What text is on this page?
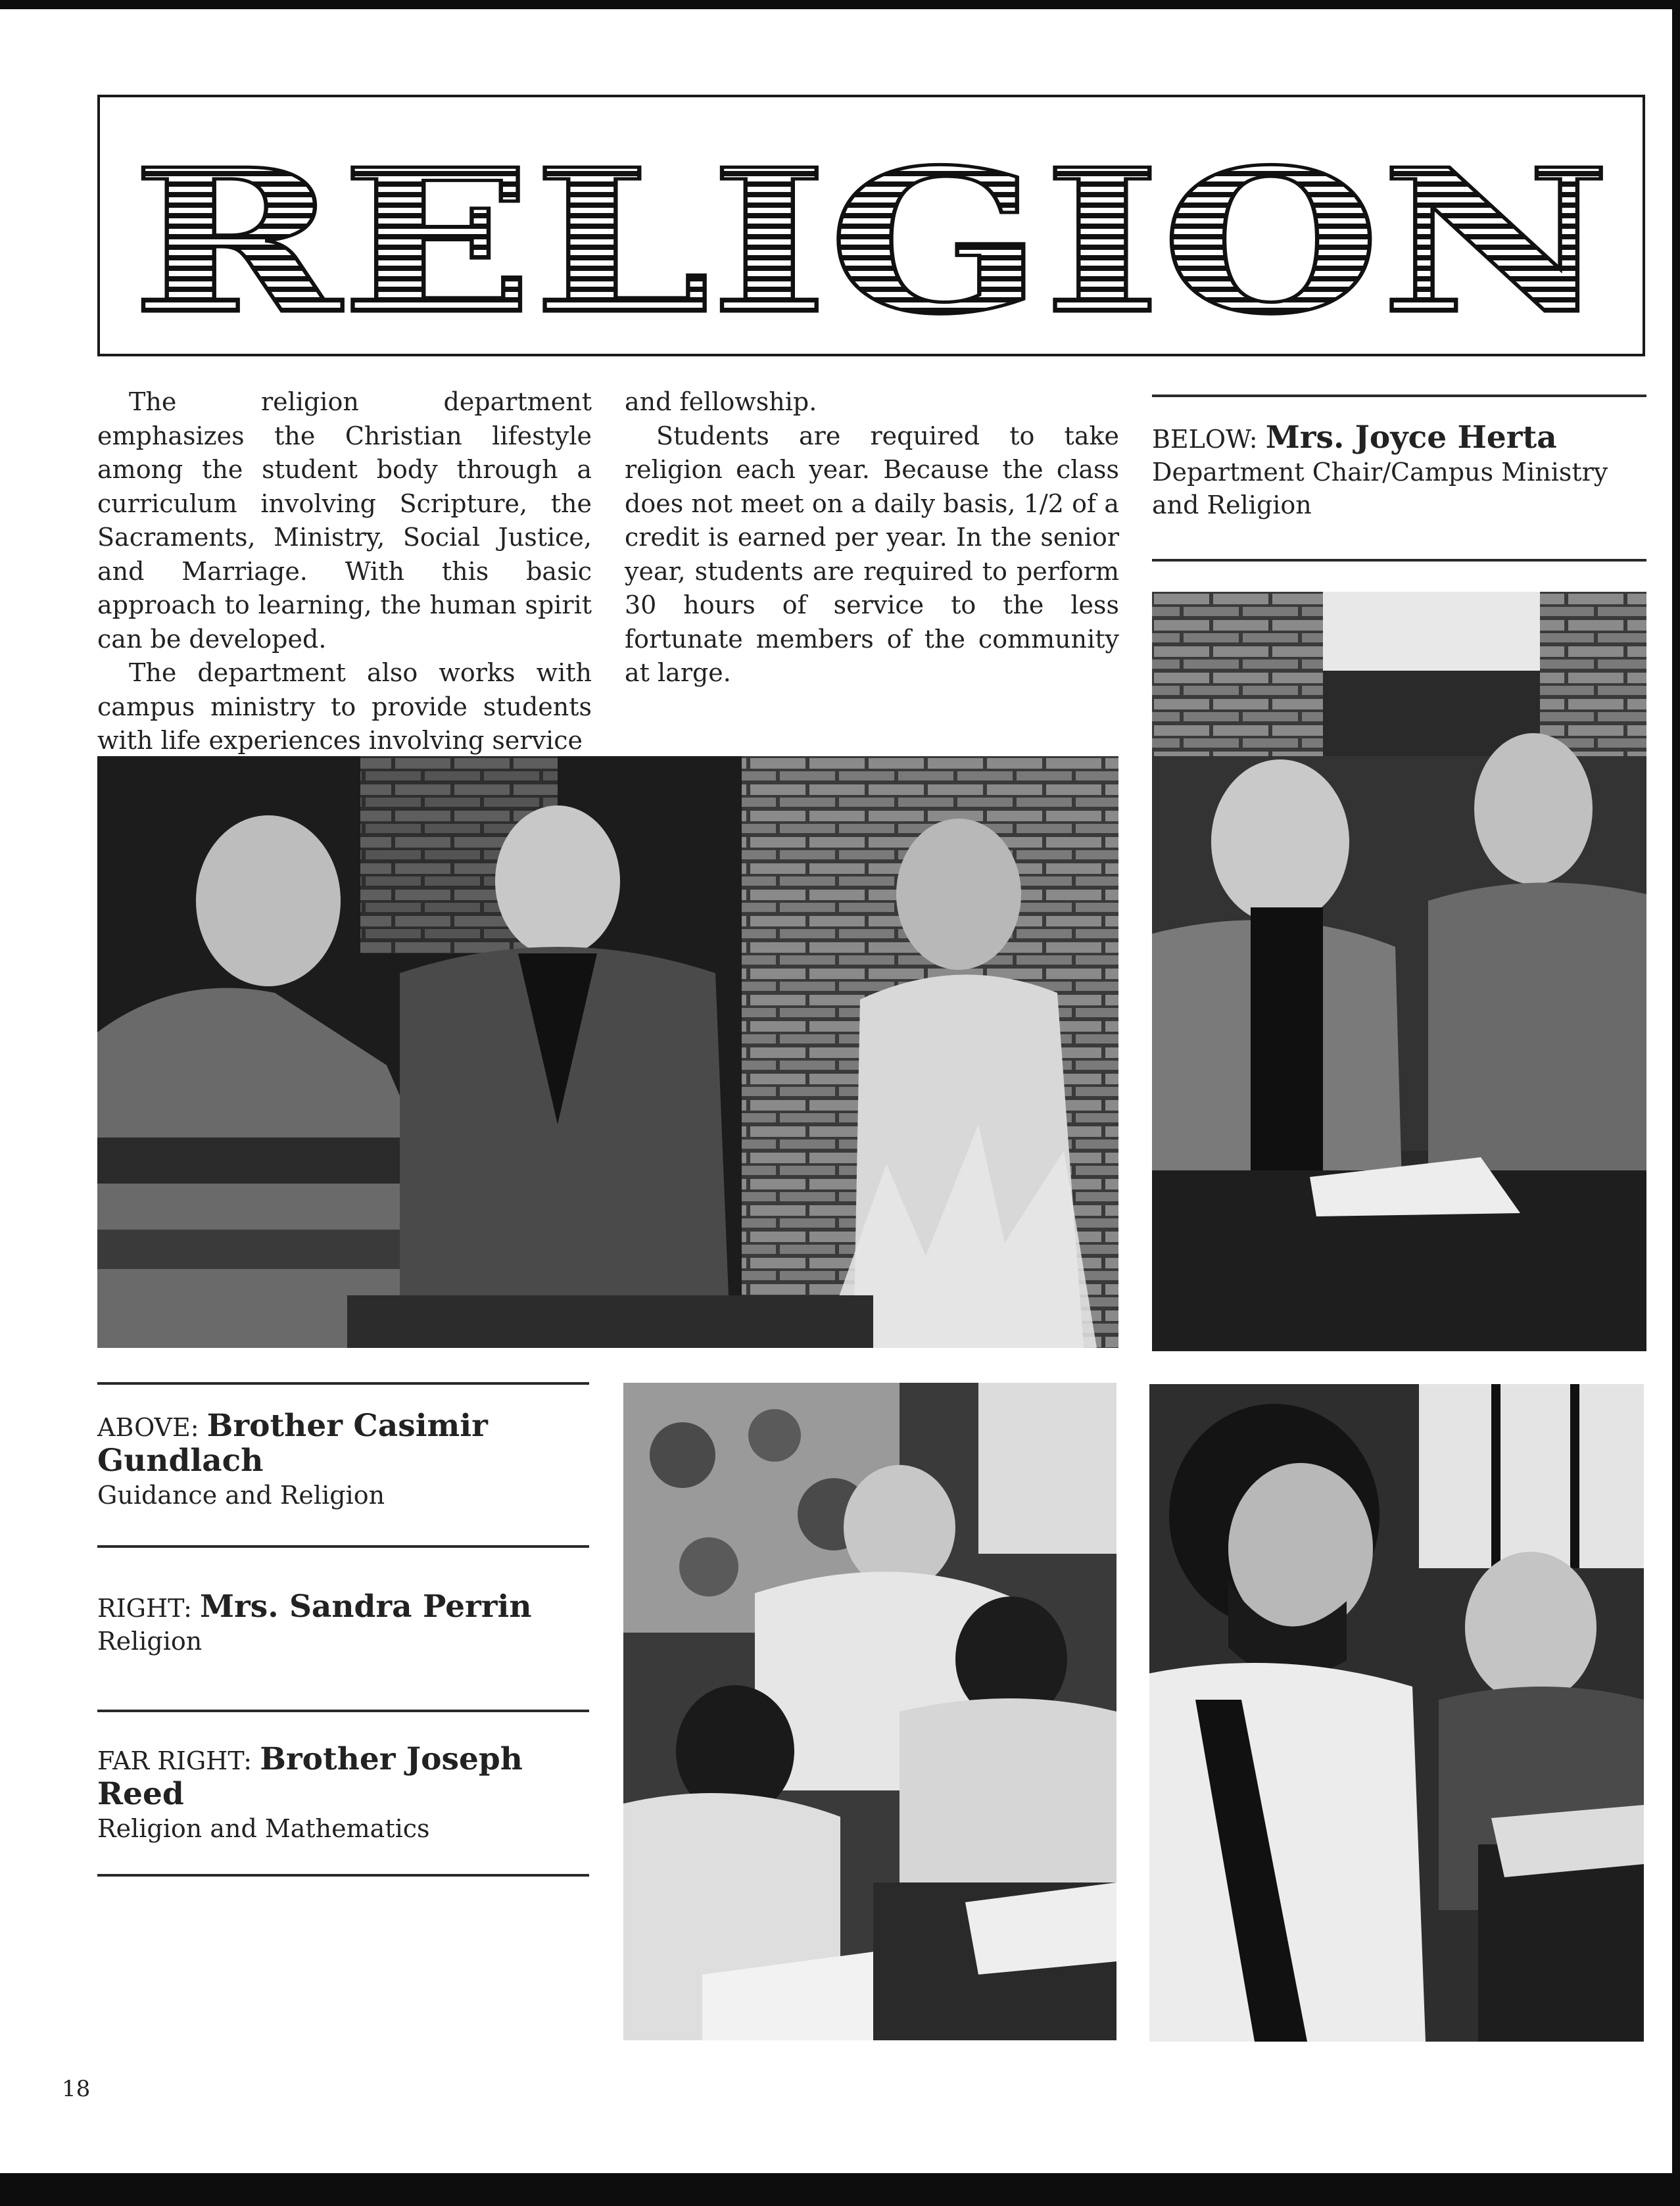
RELIGION

The religion department emphasizes the Christian lifestyle among the student body through a curriculum involving Scripture, the Sacraments, Ministry, Social Justice, and Marriage. With this basic approach to learning, the human spirit can be developed.

The department also works with campus ministry to provide students with life experiences involving service

and fellowship.

Students are required to take religion each year. Because the class does not meet on a daily basis, 1/2 of a credit is earned per year. In the senior year, students are required to perform 30 hours of service to the less fortunate members of the community at large.

BELOW: Mrs. Joyce Herta
Department Chair/Campus Ministry and Religion
ABOVE: Brother Casimir Gundlach
Guidance and Religion
RIGHT: Mrs. Sandra Perrin
Religion
FAR RIGHT: Brother Joseph Reed
Religion and Mathematics
18
